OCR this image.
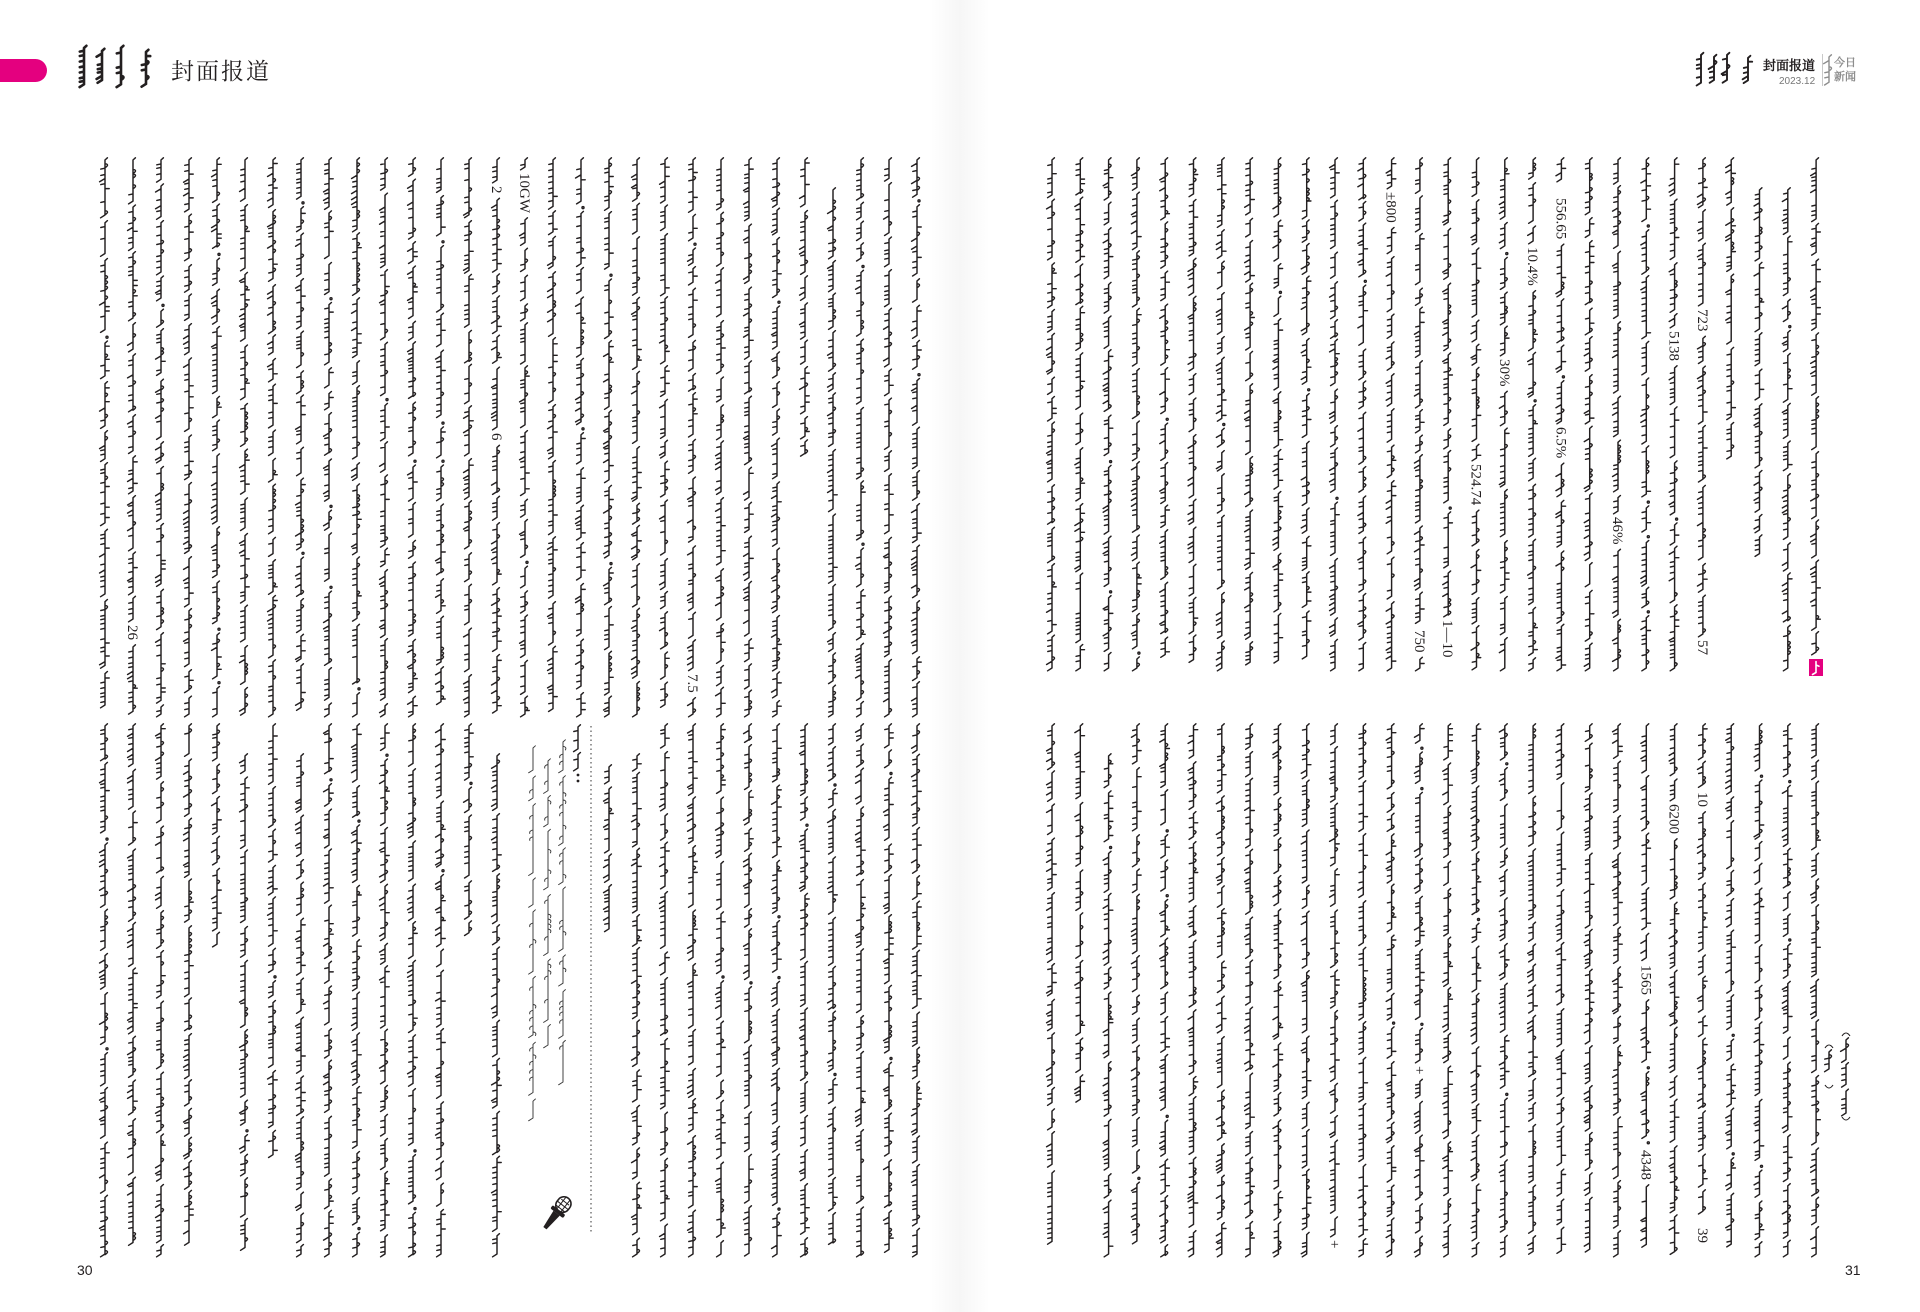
封面报道
30
封面报道
2023.12
今日
新闻
31
10GW
2
6
7.5
26
723
57
5138
46%
556.65
6.5%
10.4%
30%
524.74
1—10
750
±800
10
6200
1565
4348
39
+
+
